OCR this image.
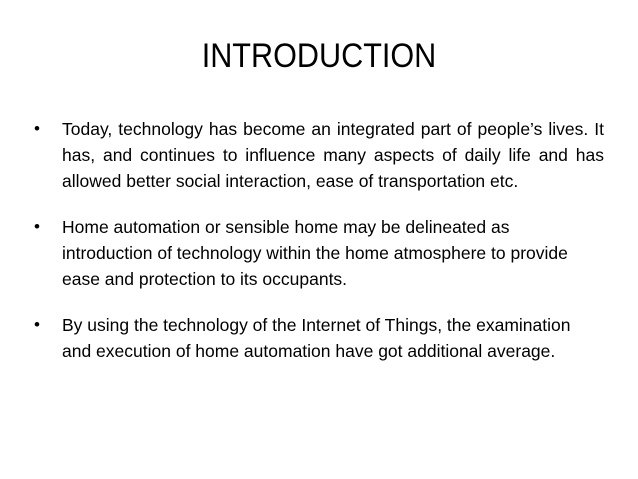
INTRODUCTION
•	Today, technology has become an integrated part of people’s lives. It has, and continues to influence many aspects of daily life and has allowed better social interaction, ease of transportation etc.
•	Home automation or sensible home may be delineated as introduction of technology within the home atmosphere to provide ease and protection to its occupants.
•	By using the technology of the Internet of Things, the examination and execution of home automation have got additional average.
